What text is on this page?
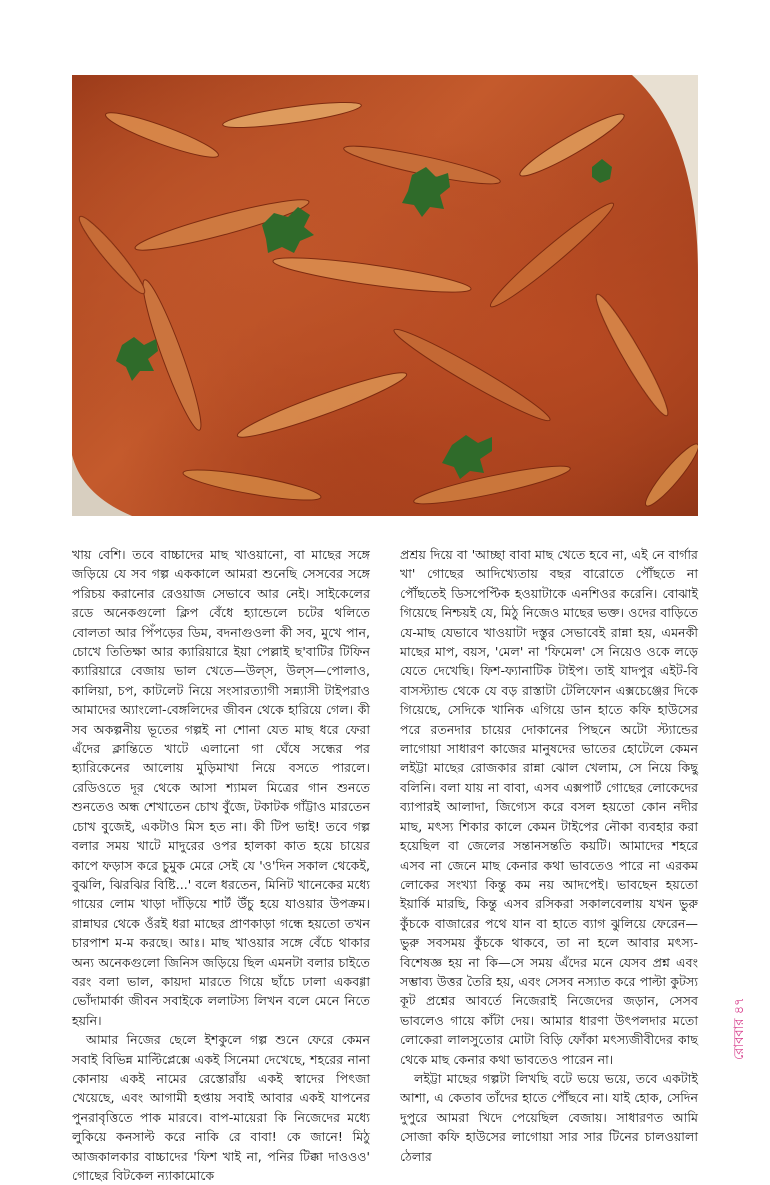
খায় বেশি। তবে বাচ্চাদের মাছ খাওয়ানো, বা মাছের সঙ্গে জড়িয়ে যে সব গল্প এককালে আমরা শুনেছি সেসবের সঙ্গে পরিচয় করানোর রেওয়াজ সেভাবে আর নেই। সাইকেলের রডে অনেকগুলো ক্লিপ বেঁধে হ্যান্ডেলে চটের থলিতে বোলতা আর পিঁপড়ের ডিম, বদনাগুওলা কী সব, মুখে পান, চোখে তিতিক্ষা আর ক্যারিয়ারে ইয়া পেল্লাই ছ'বাটির টিফিন ক্যারিয়ারে বেজায় ভাল খেতে—উল্স, উল্স—পোলাও, কালিয়া, চপ, কাটলেট নিয়ে সংসারত্যাগী সন্ন্যাসী টাইপরাও আমাদের অ্যাংলো-বেঙ্গলিদের জীবন থেকে হারিয়ে গেল। কী সব অকল্পনীয় ভূতের গল্পই না শোনা যেত মাছ ধরে ফেরা এঁদের ক্লান্তিতে খাটে এলানো গা ঘেঁষে সন্ধের পর হ্যারিকেনের আলোয় মুড়িমাখা নিয়ে বসতে পারলে। রেডিওতে দূর থেকে আসা শ্যামল মিত্রের গান শুনতে শুনতেও অন্ধ শেখাতেন চোখ বুঁজে, টকাটক গাঁট্টাও মারতেন চোখ বুজেই, একটাও মিস হত না। কী টিপ ভাই! তবে গল্প বলার সময় খাটে মাদুরের ওপর হালকা কাত হয়ে চায়ের কাপে ফড়াস করে চুমুক মেরে সেই যে 'ও'দিন সকাল থেকেই, বুঝলি, ঝিরঝির বিষ্টি...' বলে ধরতেন, মিনিট খানেকের মধ্যে গায়ের লোম খাড়া দাঁড়িয়ে শার্ট উঁচু হয়ে যাওয়ার উপক্রম। রান্নাঘর থেকে ওঁরই ধরা মাছের প্রাণকাড়া গন্ধে হয়তো তখন চারপাশ ম-ম করছে। আঃ। মাছ খাওয়ার সঙ্গে বেঁচে থাকার অন্য অনেকগুলো জিনিস জড়িয়ে ছিল এমনটা বলার চাইতে বরং বলা ভাল, কায়দা মারতে গিয়ে ছাঁচে ঢালা একবগ্গা ভোঁদামার্কা জীবন সবাইকে ললাটস্য লিখন বলে মেনে নিতে হয়নি।

আমার নিজের ছেলে ইশকুলে গল্প শুনে ফেরে কেমন সবাই বিভিন্ন মাল্টিপ্লেক্সে একই সিনেমা দেখেছে, শহরের নানা কোনায় একই নামের রেস্তোরাঁয় একই স্বাদের পিৎজা খেয়েছে, এবং আগামী হপ্তায় সবাই আবার একই যাপনের পুনরাবৃত্তিতে পাক মারবে। বাপ-মায়েরা কি নিজেদের মধ্যে লুকিয়ে কনসাল্ট করে নাকি রে বাবা! কে জানে! মিঠু আজকালকার বাচ্চাদের 'ফিশ খাই না, পনির টিক্কা দাওওও' গোছের বিটকেল ন্যাকামোকে

প্রশ্রয় দিয়ে বা 'আচ্ছা বাবা মাছ খেতে হবে না, এই নে বার্গার খা' গোছের আদিখ্যেতায় বছর বারোতে পৌঁছতে না পৌঁছতেই ডিসপেপ্টিক হওয়াটাকে এনশিওর করেনি। বোঝাই গিয়েছে নিশ্চয়ই যে, মিঠু নিজেও মাছের ভক্ত। ওদের বাড়িতে যে-মাছ যেভাবে খাওয়াটা দস্তুর সেভাবেই রান্না হয়, এমনকী মাছের মাপ, বয়স, 'মেল' না 'ফিমেল' সে নিয়েও ওকে লড়ে যেতে দেখেছি। ফিশ-ফ্যানাটিক টাইপ। তাই যাদপুর এইট-বি বাসস্ট্যান্ড থেকে যে বড় রাস্তাটা টেলিফোন এক্সচেঞ্জের দিকে গিয়েছে, সেদিকে খানিক এগিয়ে ডান হাতে কফি হাউসের পরে রতনদার চায়ের দোকানের পিছনে অটো স্ট্যান্ডের লাগোয়া সাধারণ কাজের মানুষদের ভাতের হোটেলে কেমন লইট্টা মাছের রোজকার রান্না ঝোল খেলাম, সে নিয়ে কিছু বলিনি। বলা যায় না বাবা, এসব এক্সপার্ট গোছের লোকেদের ব্যাপারই আলাদা, জিগ্যেস করে বসল হয়তো কোন নদীর মাছ, মৎস্য শিকার কালে কেমন টাইপের নৌকা ব্যবহার করা হয়েছিল বা জেলের সন্তানসন্ততি কয়টি। আমাদের শহরে এসব না জেনে মাছ কেনার কথা ভাবতেও পারে না এরকম লোকের সংখ্যা কিন্তু কম নয় আদপেই। ভাবছেন হয়তো ইয়ার্কি মারছি, কিন্তু এসব রসিকরা সকালবেলায় যখন ভুরু কুঁচকে বাজারের পথে যান বা হাতে ব্যাগ ঝুলিয়ে ফেরেন—ভুরু সবসময় কুঁচকে থাকবে, তা না হলে আবার মৎস্য-বিশেষজ্ঞ হয় না কি—সে সময় এঁদের মনে যেসব প্রশ্ন এবং সম্ভাব্য উত্তর তৈরি হয়, এবং সেসব নস্যাত করে পাল্টা কুটস্য কূট প্রশ্নের আবর্তে নিজেরাই নিজেদের জড়ান, সেসব ভাবলেও গায়ে কাঁটা দেয়। আমার ধারণা উৎপলদার মতো লোকেরা লালসুতোর মোটা বিড়ি ফোঁকা মৎস্যজীবীদের কাছ থেকে মাছ কেনার কথা ভাবতেও পারেন না।

লইট্টা মাছের গল্পটা লিখছি বটে ভয়ে ভয়ে, তবে একটাই আশা, এ কেতাব তাঁদের হাতে পৌঁছবে না। যাই হোক, সেদিন দুপুরে আমরা খিদে পেয়েছিল বেজায়। সাধারণত আমি সোজা কফি হাউসের লাগোয়া সার সার টিনের চালওয়ালা ঠেলার

রোববার ৪৭
